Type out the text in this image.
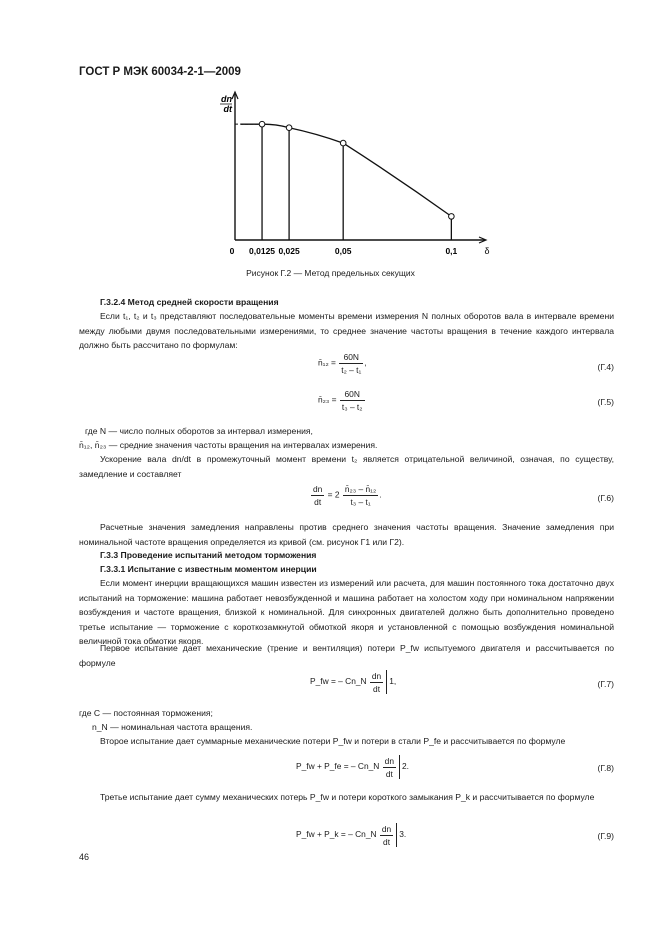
ГОСТ Р МЭК 60034-2-1—2009
dn
dt
0 0,0125 0,025	0,05	0,1	δ
Рисунок Г.2 — Метод предельных секущих
Г.3.2.4 Метод средней скорости вращения
Если t₁, t₂ и t₃ представляют последовательные моменты времени измерения N полных оборотов вала в интервале времени между любыми двумя последовательными измерениями, то среднее значение частоты вращения в течение каждого интервала должно быть рассчитано по формулам:
n̄₁₂ = $\frac{60N}{\text{t₂ – t₁}}$ ,	(Г.4)
n̄₂₃ = $\frac{60N}{\text{t₃ – t₂}}$	(Г.5)
где N — число полных оборотов за интервал измерения,
n̄₁₂, n̄₂₃ — средние значения частоты вращения на интервалах измерения.
Ускорение вала dn/dt в промежуточный момент времени t₂ является отрицательной величиной, означая, по существу, замедление и составляет
$\frac{dn}{dt} = 2 \frac{\text{n̄₂₃ – n̄₁₂}}{\text{t₃ – t₁}}$ .	(Г.6)
Расчетные значения замедления направлены против среднего значения частоты вращения. Значение замедления при номинальной частоте вращения определяется из кривой (см. рисунок Г1 или Г2).
Г.3.3 Проведение испытаний методом торможения
Г.3.3.1 Испытание с известным моментом инерции
Если момент инерции вращающихся машин известен из измерений или расчета, для машин постоянного тока достаточно двух испытаний на торможение: машина работает невозбужденной и машина работает на холостом ходу при номинальном напряжении возбуждения и частоте вращения, близкой к номинальной. Для синхронных двигателей должно быть дополнительно проведено третье испытание — торможение с короткозамкнутой обмоткой якоря и установленной с помощью возбуждения номинальной величиной тока обмотки якоря.
Первое испытание дает механические (трение и вентиляция) потери P_fw испытуемого двигателя и рассчитывается по формуле
P_fw = – Cn_N $\frac{dn}{dt} 1$,	(Г.7)
где C — постоянная торможения;
n_N — номинальная частота вращения.
Второе испытание дает суммарные механические потери P_fw и потери в стали P_fe и рассчитывается по формуле
P_fw + P_fe = – Cn_N $\frac{dn}{dt} 2$.	(Г.8)
Третье испытание дает сумму механических потерь P_fw и потери короткого замыкания P_k и рассчитывается по формуле
P_fw + P_k = – Cn_N $\frac{dn}{dt} 3$.	(Г.9)
46
